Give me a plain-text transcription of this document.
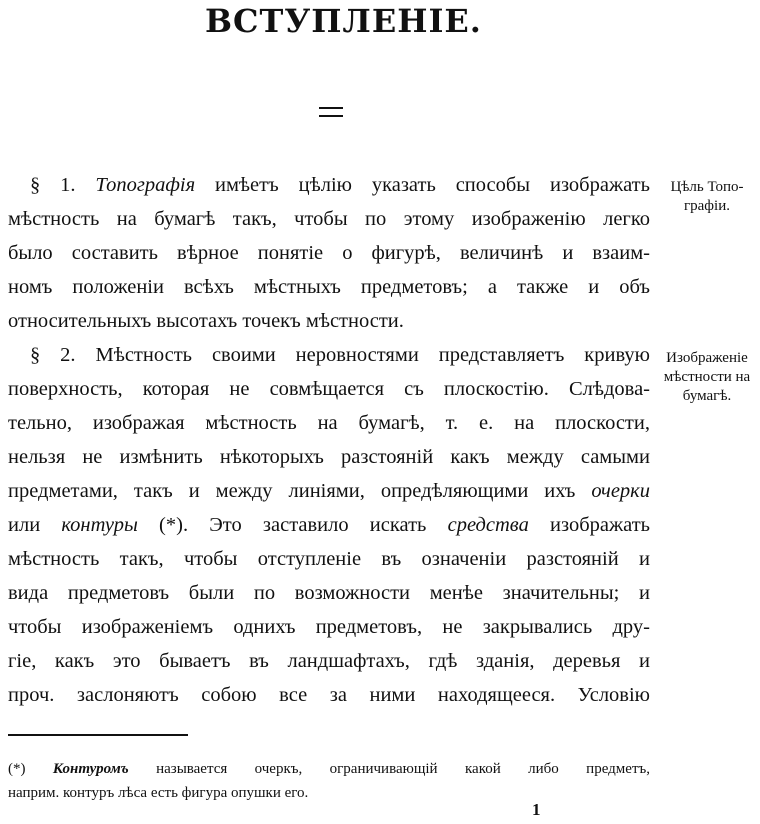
ВСТУПЛЕНIЕ.
§ 1. Топографія имѣетъ цѣлію указать способы изображать
мѣстность на бумагѣ такъ, чтобы по этому изображенію легко
было составить вѣрное понятіе о фигурѣ, величинѣ и взаим-
номъ положеніи всѣхъ мѣстныхъ предметовъ; а также и объ
относительныхъ высотахъ точекъ мѣстности.
§ 2. Мѣстность своими неровностями представляетъ кривую
поверхность, которая не совмѣщается съ плоскостію. Слѣдова-
тельно, изображая мѣстность на бумагѣ, т. е. на плоскости,
нельзя не измѣнить нѣкоторыхъ разстояній какъ между самыми
предметами, такъ и между линіями, опредѣляющими ихъ очерки
или контуры (*). Это заставило искать средства изображать
мѣстность такъ, чтобы отступленіе въ означеніи разстояній и
вида предметовъ были по возможности менѣе значительны; и
чтобы изображеніемъ однихъ предметовъ, не закрывались дру-
гіе, какъ это бываетъ въ ландшафтахъ, гдѣ зданія, деревья и
проч. заслоняютъ собою все за ними находящееся. Условію
Цѣль Топо-
графіи.
Изображеніе
мѣстности на
бумагѣ.
(*) Контуромъ называется очеркъ, ограничивающій какой либо предметъ,
наприм. контуръ лѣса есть фигура опушки его.
1
